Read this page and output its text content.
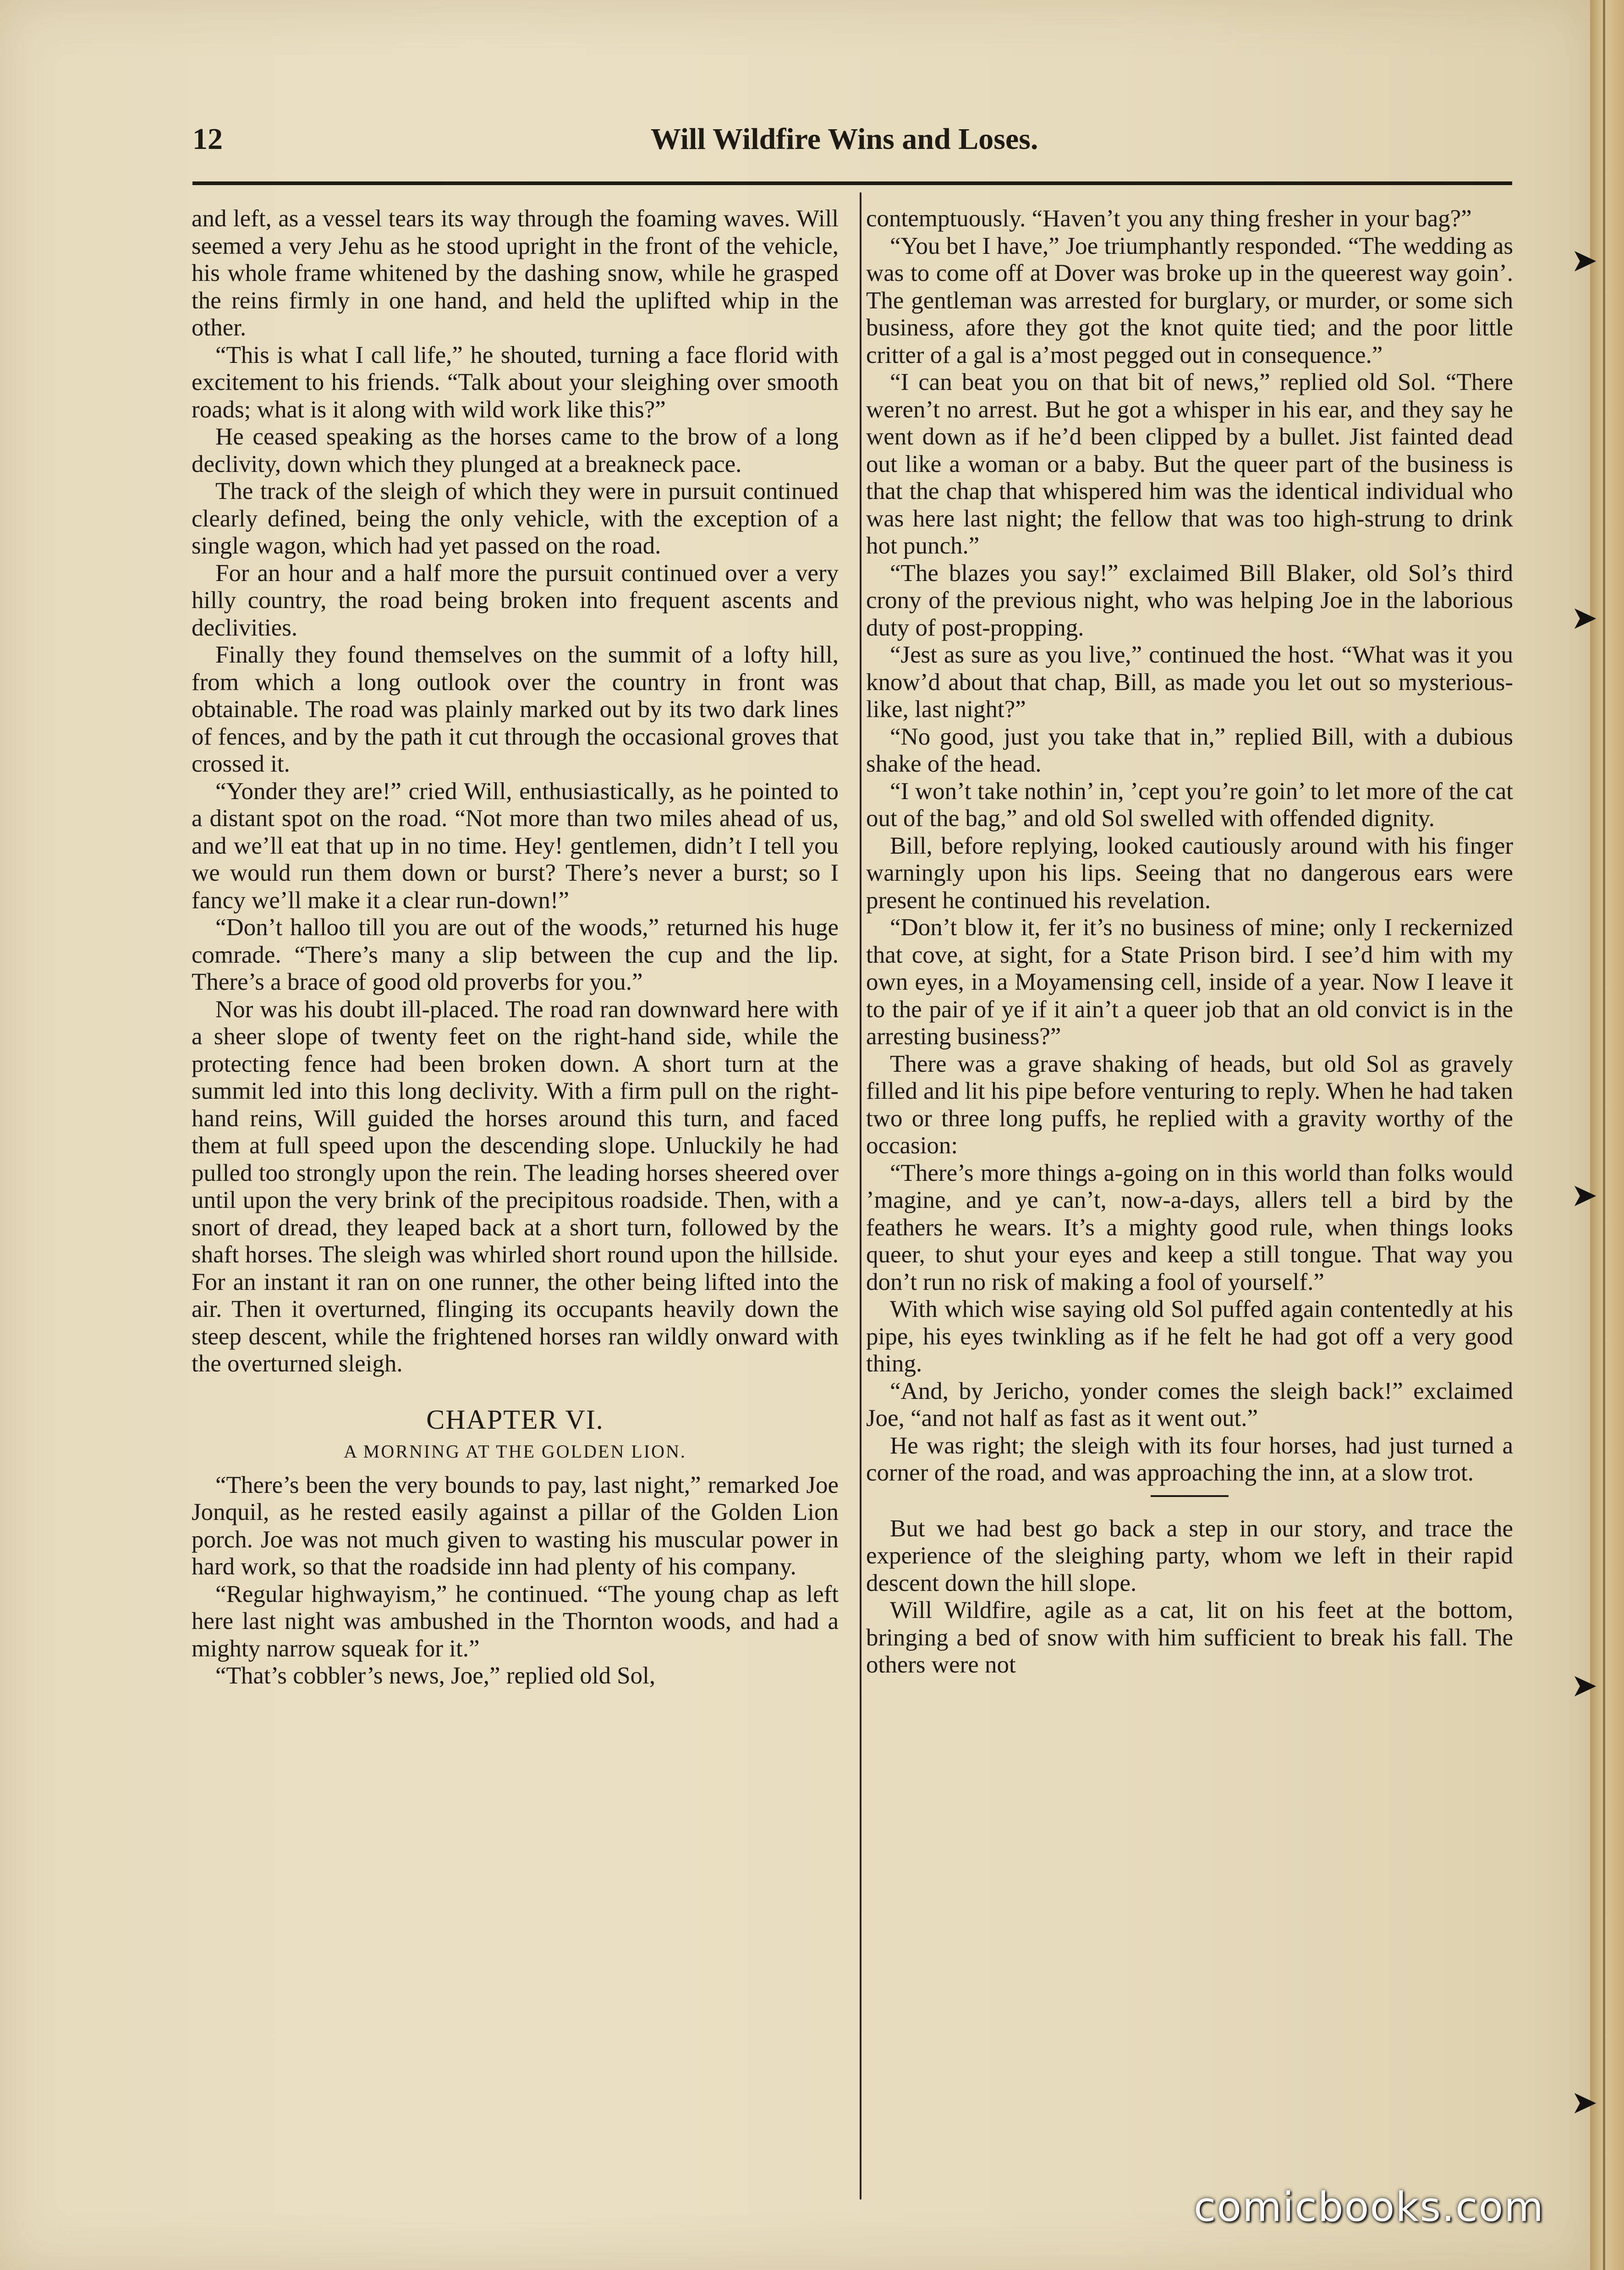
➤
➤
➤
➤
➤
12	Will Wildfire Wins and Loses.

and left, as a vessel tears its way through the foaming waves. Will seemed a very Jehu as he stood upright in the front of the vehicle, his whole frame whitened by the dashing snow, while he grasped the reins firmly in one hand, and held the uplifted whip in the other.

“This is what I call life,” he shouted, turning a face florid with excitement to his friends. “Talk about your sleighing over smooth roads; what is it along with wild work like this?”

He ceased speaking as the horses came to the brow of a long declivity, down which they plunged at a breakneck pace.

The track of the sleigh of which they were in pursuit continued clearly defined, being the only vehicle, with the exception of a single wagon, which had yet passed on the road.

For an hour and a half more the pursuit continued over a very hilly country, the road being broken into frequent ascents and declivities.

Finally they found themselves on the summit of a lofty hill, from which a long outlook over the country in front was obtainable. The road was plainly marked out by its two dark lines of fences, and by the path it cut through the occasional groves that crossed it.

“Yonder they are!” cried Will, enthusiastically, as he pointed to a distant spot on the road. “Not more than two miles ahead of us, and we’ll eat that up in no time. Hey! gentlemen, didn’t I tell you we would run them down or burst? There’s never a burst; so I fancy we’ll make it a clear run-down!”

“Don’t halloo till you are out of the woods,” returned his huge comrade. “There’s many a slip between the cup and the lip. There’s a brace of good old proverbs for you.”

Nor was his doubt ill-placed. The road ran downward here with a sheer slope of twenty feet on the right-hand side, while the protecting fence had been broken down. A short turn at the summit led into this long declivity. With a firm pull on the right-hand reins, Will guided the horses around this turn, and faced them at full speed upon the descending slope. Unluckily he had pulled too strongly upon the rein. The leading horses sheered over until upon the very brink of the precipitous roadside. Then, with a snort of dread, they leaped back at a short turn, followed by the shaft horses. The sleigh was whirled short round upon the hillside. For an instant it ran on one runner, the other being lifted into the air. Then it overturned, flinging its occupants heavily down the steep descent, while the frightened horses ran wildly onward with the overturned sleigh.

CHAPTER VI.
A MORNING AT THE GOLDEN LION.

“There’s been the very bounds to pay, last night,” remarked Joe Jonquil, as he rested easily against a pillar of the Golden Lion porch. Joe was not much given to wasting his muscular power in hard work, so that the roadside inn had plenty of his company.

“Regular highwayism,” he continued. “The young chap as left here last night was ambushed in the Thornton woods, and had a mighty narrow squeak for it.”

“That’s cobbler’s news, Joe,” replied old Sol,

contemptuously. “Haven’t you any thing fresher in your bag?”

“You bet I have,” Joe triumphantly responded. “The wedding as was to come off at Dover was broke up in the queerest way goin’. The gentleman was arrested for burglary, or murder, or some sich business, afore they got the knot quite tied; and the poor little critter of a gal is a’most pegged out in consequence.”

“I can beat you on that bit of news,” replied old Sol. “There weren’t no arrest. But he got a whisper in his ear, and they say he went down as if he’d been clipped by a bullet. Jist fainted dead out like a woman or a baby. But the queer part of the business is that the chap that whispered him was the identical individual who was here last night; the fellow that was too high-strung to drink hot punch.”

“The blazes you say!” exclaimed Bill Blaker, old Sol’s third crony of the previous night, who was helping Joe in the laborious duty of post-propping.

“Jest as sure as you live,” continued the host. “What was it you know’d about that chap, Bill, as made you let out so mysterious-like, last night?”

“No good, just you take that in,” replied Bill, with a dubious shake of the head.

“I won’t take nothin’ in, ’cept you’re goin’ to let more of the cat out of the bag,” and old Sol swelled with offended dignity.

Bill, before replying, looked cautiously around with his finger warningly upon his lips. Seeing that no dangerous ears were present he continued his revelation.

“Don’t blow it, fer it’s no business of mine; only I reckernized that cove, at sight, for a State Prison bird. I see’d him with my own eyes, in a Moyamensing cell, inside of a year. Now I leave it to the pair of ye if it ain’t a queer job that an old convict is in the arresting business?”

There was a grave shaking of heads, but old Sol as gravely filled and lit his pipe before venturing to reply. When he had taken two or three long puffs, he replied with a gravity worthy of the occasion:

“There’s more things a-going on in this world than folks would ’magine, and ye can’t, now-a-days, allers tell a bird by the feathers he wears. It’s a mighty good rule, when things looks queer, to shut your eyes and keep a still tongue. That way you don’t run no risk of making a fool of yourself.”

With which wise saying old Sol puffed again contentedly at his pipe, his eyes twinkling as if he felt he had got off a very good thing.

“And, by Jericho, yonder comes the sleigh back!” exclaimed Joe, “and not half as fast as it went out.”

He was right; the sleigh with its four horses, had just turned a corner of the road, and was approaching the inn, at a slow trot.

But we had best go back a step in our story, and trace the experience of the sleighing party, whom we left in their rapid descent down the hill slope.

Will Wildfire, agile as a cat, lit on his feet at the bottom, bringing a bed of snow with him sufficient to break his fall. The others were not

comicbooks.com
